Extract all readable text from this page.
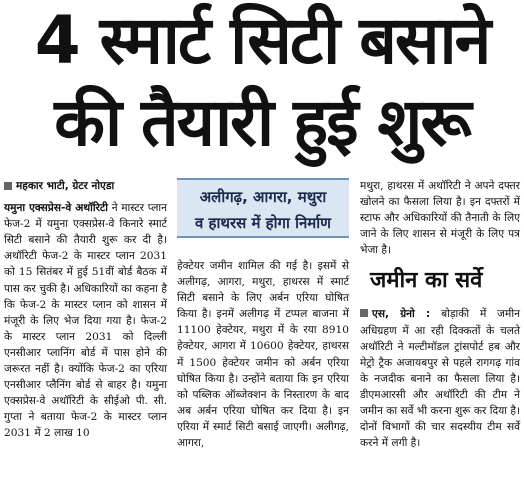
4 स्मार्ट सिटी बसाने
की तैयारी हुई शुरू
महकार भाटी, ग्रेटर नोएडा

यमुना एक्सप्रेस-वे अथॉरिटी ने मास्टर प्लान फेज-2 में यमुना एक्सप्रेस-वे किनारे स्मार्ट सिटी बसाने की तैयारी शुरू कर दी है। अथॉरिटी फेज-2 के मास्टर प्लान 2031 को 15 सितंबर में हुई 51वीं बोर्ड बैठक में पास कर चुकी है। अधिकारियों का कहना है कि फेज-2 के मास्टर प्लान को शासन में मंजूरी के लिए भेज दिया गया है। फेज-2 के मास्टर प्लान 2031 को दिल्ली एनसीआर प्लानिंग बोर्ड में पास होने की जरूरत नहीं है। क्योंकि फेज-2 का एरिया एनसीआर प्लैनिंग बोर्ड से बाहर है। यमुना एक्सप्रेस-वे अथॉरिटी के सीईओ पी. सी. गुप्ता ने बताया फेज-2 के मास्टर प्लान 2031 में 2 लाख 10

अलीगढ़, आगरा, मथुरा
व हाथरस में होगा निर्माण

हेक्टेयर जमीन शामिल की गई है। इसमें से अलीगढ़, आगरा, मथुरा, हाथरस में स्मार्ट सिटी बसाने के लिए अर्बन एरिया घोषित किया है। इनमें अलीगढ़ में टप्पल बाजना में 11100 हेक्टेयर, मथुरा में के रया 8910 हेक्टेयर, आगरा में 10600 हेक्टेयर, हाथरस में 1500 हेक्टेयर जमीन को अर्बन एरिया घोषित किया है। उन्होंने बताया कि इन एरिया को पब्लिक ऑब्जेक्शन के निस्तारण के बाद अब अर्बन एरिया घोषित कर दिया है। इन एरिया में स्मार्ट सिटी बसाई जाएगी। अलीगढ़, आगरा,

मथुरा, हाथरस में अथॉरिटी ने अपने दफ्तर खोलने का फैसला लिया है। इन दफ्तरों में स्टाफ और अधिकारियों की तैनाती के लिए जाने के लिए शासन से मंजूरी के लिए पत्र भेजा है।

जमीन का सर्वे

एस, ग्रेनो : बोड़ाकी में जमीन अधिग्रहण में आ रही दिक्कतों के चलते अथॉरिटी ने मल्टीमॉडल ट्रांसपोर्ट हब और मेट्रो ट्रैक अजायबपुर से पहले रागगढ़ गांव के नजदीक बनाने का फैसला लिया है। डीएमआरसी और अथॉरिटी की टीम ने जमीन का सर्वे भी करना शुरू कर दिया है। दोनों विभागों की चार सदस्यीय टीम सर्वे करने में लगी है।
